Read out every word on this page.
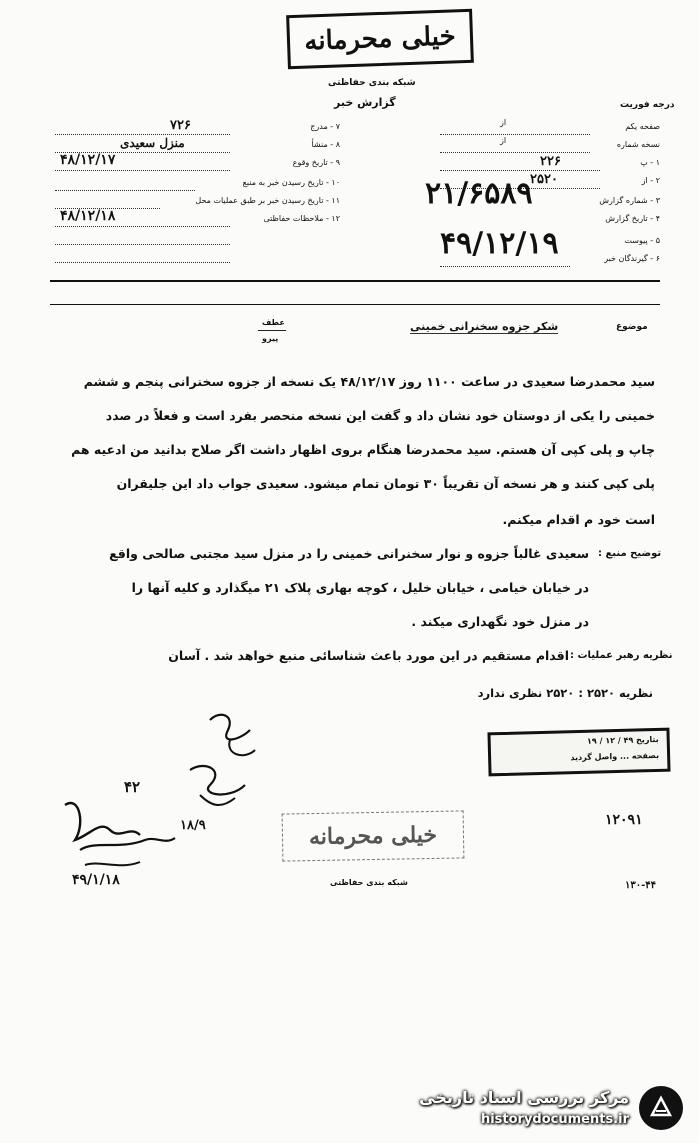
خیلی محرمانه
شبکه بندی حفاظتی
گزارش خبر	درجه فوریت
۷ - مدرج
۷۲۶
۸ - منشأ
منزل سعیدی
۹ - تاریخ وقوع
۴۸/۱۲/۱۷
۱۰ - تاریخ رسیدن خبر به منبع
۱۱ - تاریخ رسیدن خبر بر طبق عملیات محل
۱۲ - ملاحظات حفاظتی
۴۸/۱۲/۱۸
صفحه یکم
از
نسخه شماره
از
۱ - پ
۲۲۶
۲ - از
۲۵۲۰
۳ - شماره گزارش
۲۱/۶۵۸۹
۴ - تاریخ گزارش
۴۹/۱۲/۱۹	۵ - پیوست
۶ - گیرندگان خبر
عطف
پیرو
موضوع
شکر جزوه سخنرانی خمینی
سید محمدرضا سعیدی در ساعت ۱۱۰۰ روز ۴۸/۱۲/۱۷ یک نسخه از جزوه سخنرانی پنجم و ششم
خمینی را یکی از دوستان خود نشان داد و گفت این نسخه منحصر بفرد است و فعلاً در صدد
چاپ و پلی کپی آن هستم. سید محمدرضا هنگام بروی اظهار داشت اگر صلاح بدانید من ادعیه هم
پلی کپی کنند و هر نسخه آن تقریباً ۳۰ تومان تمام میشود. سعیدی جواب داد این جلیقران
است خود م اقدام میکنم.
توضیح منبع :
سعیدی غالباً جزوه و نوار سخنرانی خمینی را در منزل سید مجتبی صالحی واقع
در خیابان خیامی ، خیابان خلیل ، کوچه بهاری پلاک ۲۱ میگذارد و کلیه آنها را
در منزل خود نگهداری میکند .
نظریه رهبر عملیات :
اقدام مستقیم در این مورد باعث شناسائی منبع خواهد شد . آسان
نظریه ۲۵۲۰ : ۲۵۲۰ نظری ندارد
بتاریخ ۴۹ / ۱۲ / ۱۹
بصفحه ... واصل گردید
۴۲
۱۸/۹
۴۹/۱/۱۸
۱۲۰۹۱
۱۳۰-۴۴
خیلی محرمانه
شبکه بندی حفاظتی
مرکز بررسی اسناد تاریخی
historydocuments.ir
